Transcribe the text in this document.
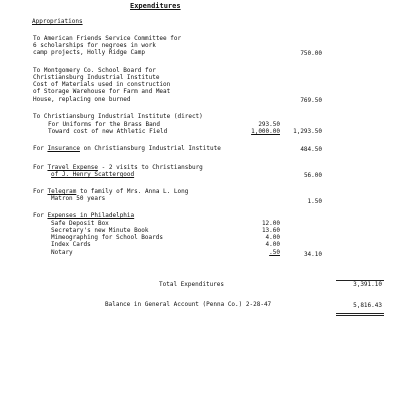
Expenditures
Appropriations
To American Friends Service Committee for
6 scholarships for negroes in work
camp projects, Holly Ridge Camp	750.00
To Montgomery Co. School Board for
Christiansburg Industrial Institute
Cost of Materials used in construction
of Storage Warehouse for Farm and Meat
House, replacing one burned	769.50
To Christiansburg Industrial Institute (direct)
For Uniforms for the Brass Band	293.50
Toward cost of new Athletic Field	1,000.00	1,293.50
For Insurance on Christiansburg Industrial Institute	484.50
For Travel Expense - 2 visits to Christiansburg
of J. Henry Scattergood	56.00
For Telegram to family of Mrs. Anna L. Long
Matron 50 years	1.50
For Expenses in Philadelphia
Safe Deposit Box	12.00
Secretary's new Minute Book	13.60
Mimeographing for School Boards	4.00
Index Cards	4.00
Notary	.50	34.10
Total Expenditures	3,391.10
Balance in General Account (Penna Co.) 2-28-47	5,816.43
